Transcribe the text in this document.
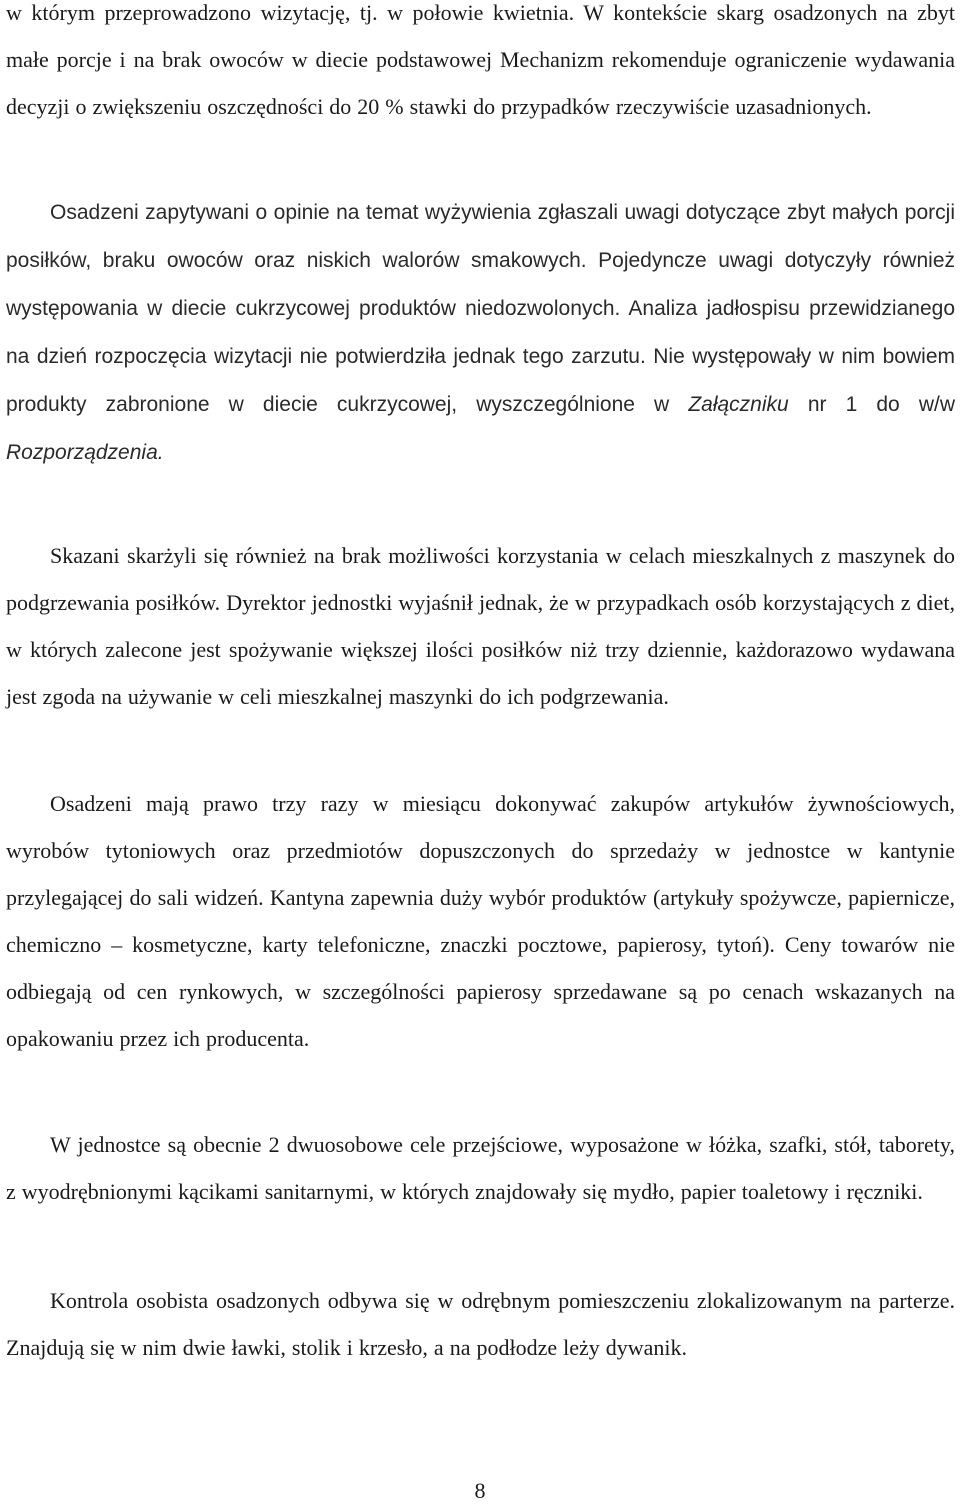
w którym przeprowadzono wizytację, tj. w połowie kwietnia. W kontekście skarg osadzonych na zbyt małe porcje i na brak owoców w diecie podstawowej Mechanizm rekomenduje ograniczenie wydawania decyzji o zwiększeniu oszczędności do 20 % stawki do przypadków rzeczywiście uzasadnionych.

Osadzeni zapytywani o opinie na temat wyżywienia zgłaszali uwagi dotyczące zbyt małych porcji posiłków, braku owoców oraz niskich walorów smakowych. Pojedyncze uwagi dotyczyły również występowania w diecie cukrzycowej produktów niedozwolonych. Analiza jadłospisu przewidzianego na dzień rozpoczęcia wizytacji nie potwierdziła jednak tego zarzutu. Nie występowały w nim bowiem produkty zabronione w diecie cukrzycowej, wyszczególnione w Załączniku nr 1 do w/w Rozporządzenia.

Skazani skarżyli się również na brak możliwości korzystania w celach mieszkalnych z maszynek do podgrzewania posiłków. Dyrektor jednostki wyjaśnił jednak, że w przypadkach osób korzystających z diet, w których zalecone jest spożywanie większej ilości posiłków niż trzy dziennie, każdorazowo wydawana jest zgoda na używanie w celi mieszkalnej maszynki do ich podgrzewania.

Osadzeni mają prawo trzy razy w miesiącu dokonywać zakupów artykułów żywnościowych, wyrobów tytoniowych oraz przedmiotów dopuszczonych do sprzedaży w jednostce w kantynie przylegającej do sali widzeń. Kantyna zapewnia duży wybór produktów (artykuły spożywcze, papiernicze, chemiczno – kosmetyczne, karty telefoniczne, znaczki pocztowe, papierosy, tytoń). Ceny towarów nie odbiegają od cen rynkowych, w szczególności papierosy sprzedawane są po cenach wskazanych na opakowaniu przez ich producenta.

W jednostce są obecnie 2 dwuosobowe cele przejściowe, wyposażone w łóżka, szafki, stół, taborety, z wyodrębnionymi kącikami sanitarnymi, w których znajdowały się mydło, papier toaletowy i ręczniki.

Kontrola osobista osadzonych odbywa się w odrębnym pomieszczeniu zlokalizowanym na parterze. Znajdują się w nim dwie ławki, stolik i krzesło, a na podłodze leży dywanik.

8
